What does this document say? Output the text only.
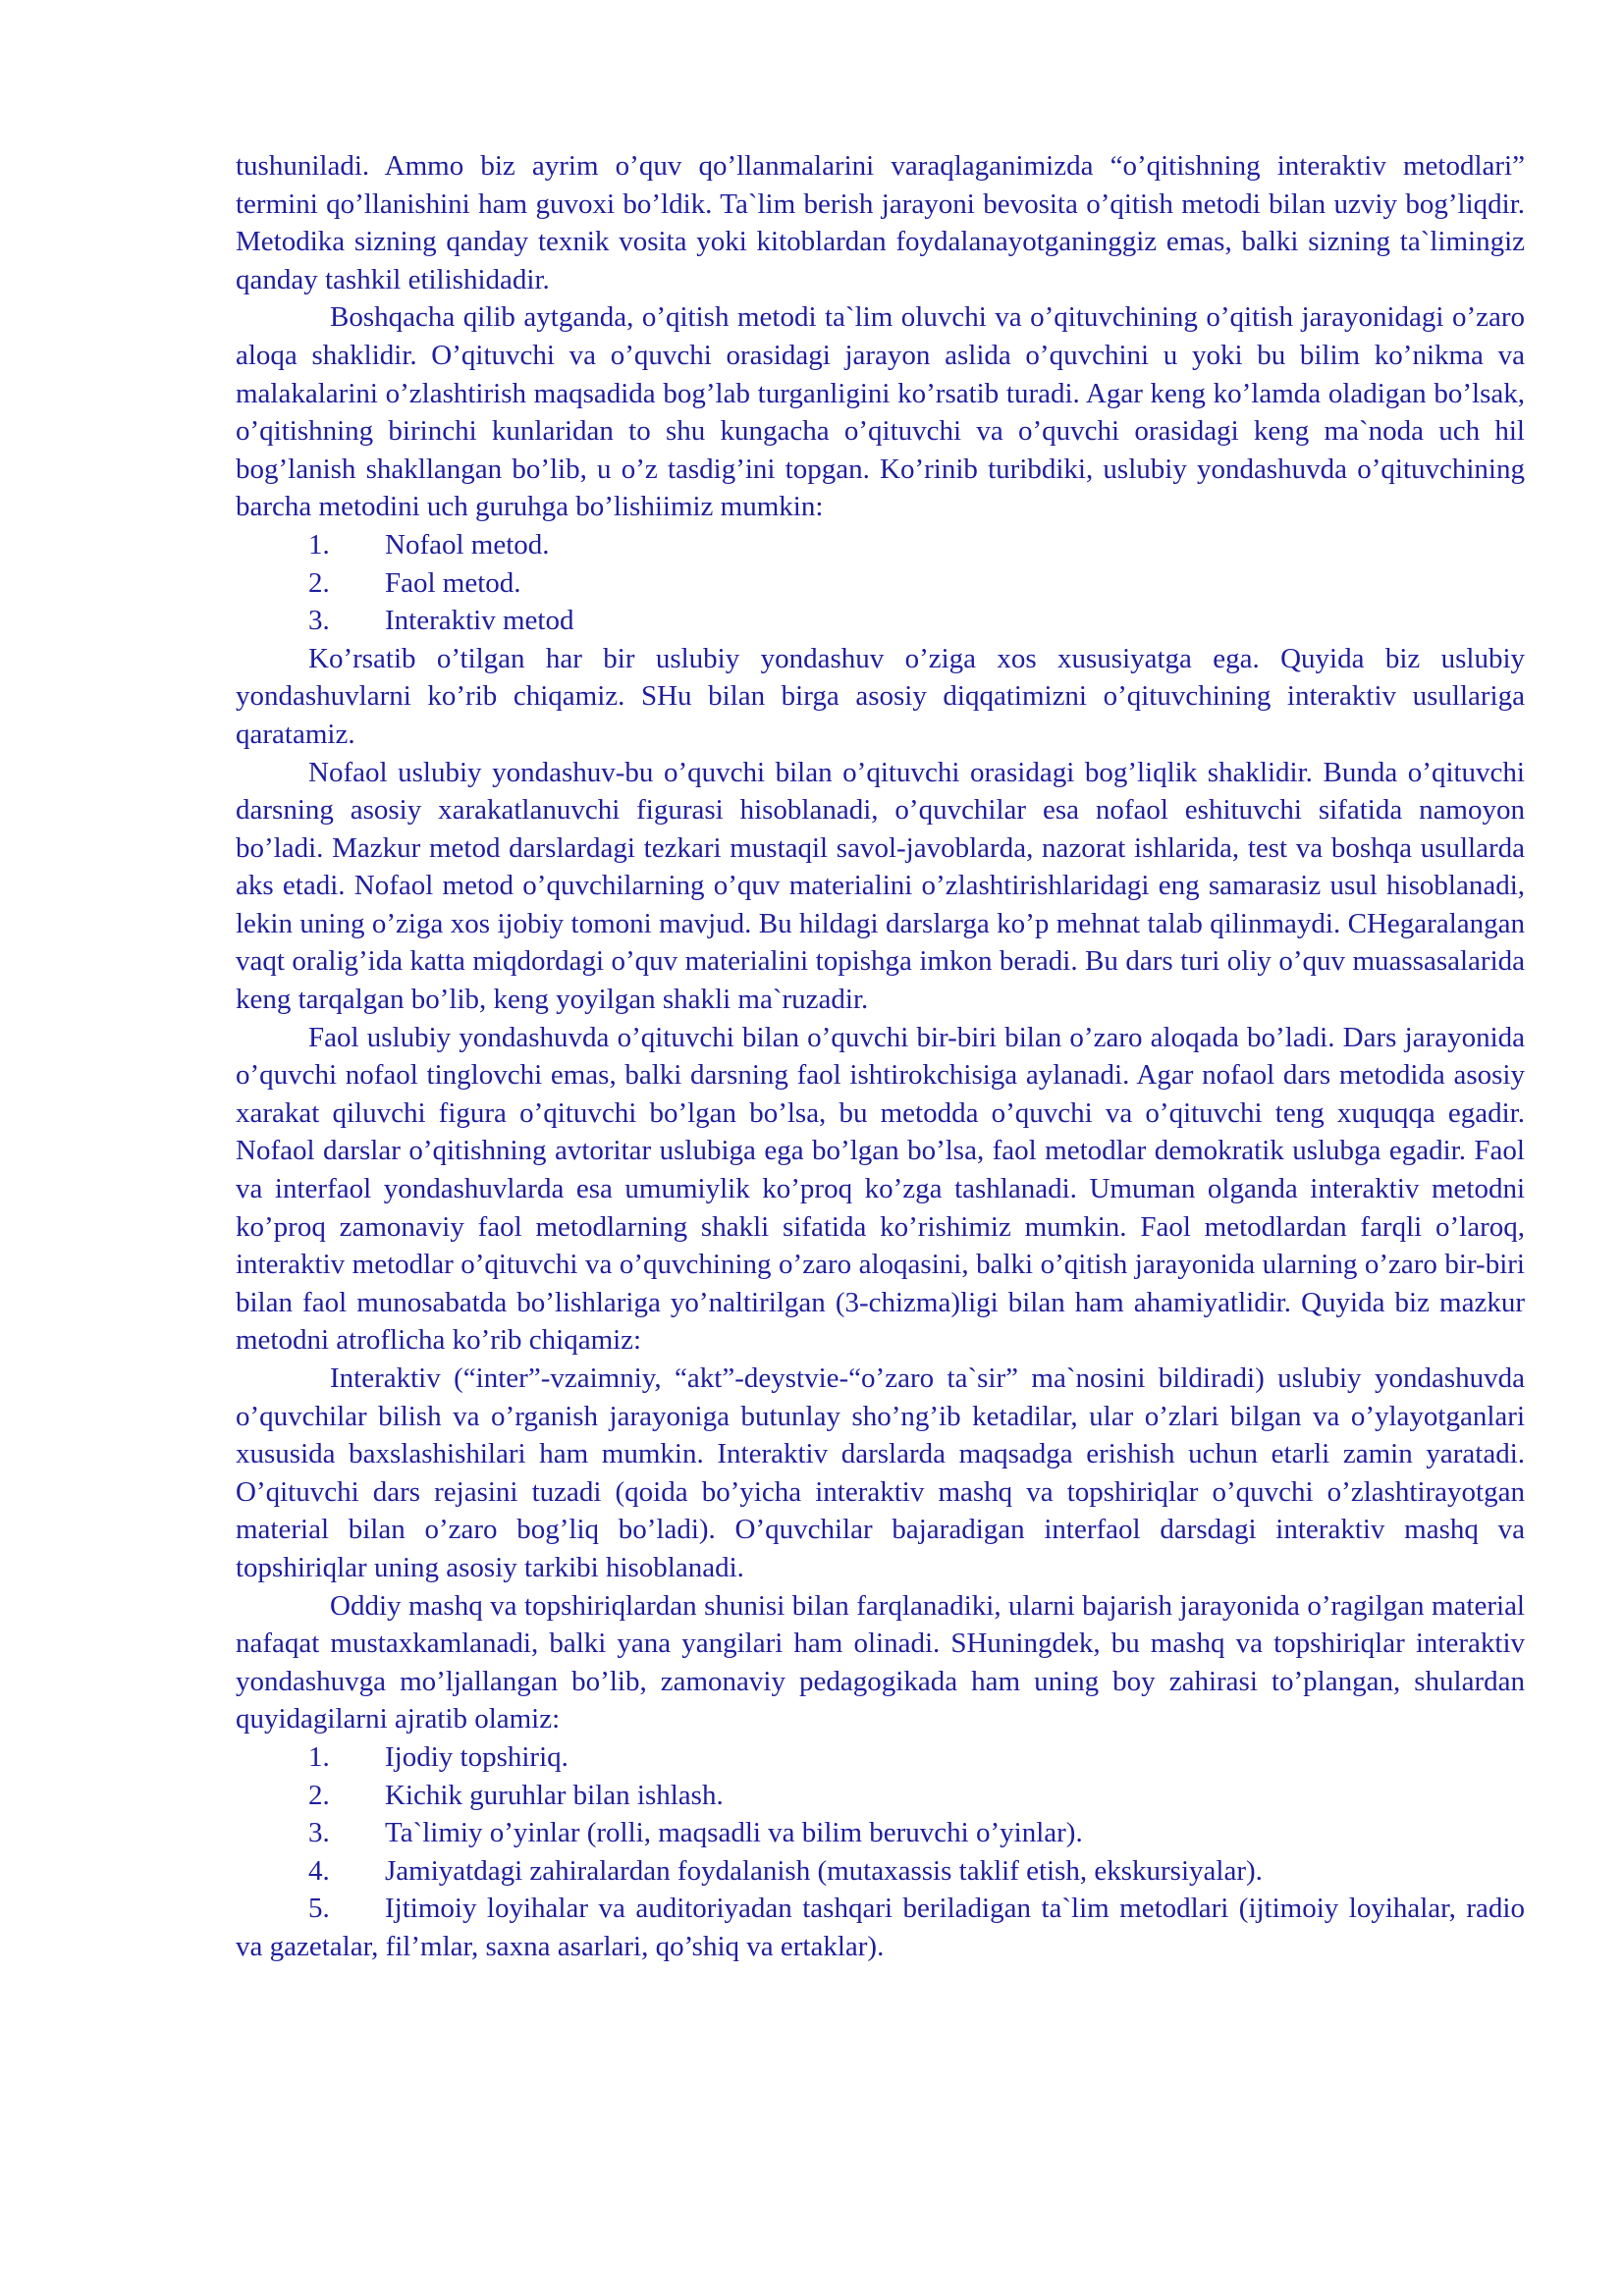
tushuniladi. Ammo biz ayrim o’quv qo’llanmalarini varaqlaganimizda “o’qitishning interaktiv metodlari” termini qo’llanishini ham guvoxi bo’ldik. Ta`lim berish jarayoni bevosita o’qitish metodi bilan uzviy bog’liqdir. Metodika sizning qanday texnik vosita yoki kitoblardan foydalanayotganinggiz emas, balki sizning ta`limingiz qanday tashkil etilishidadir.

Boshqacha qilib aytganda, o’qitish metodi ta`lim oluvchi va o’qituvchining o’qitish jarayonidagi o’zaro aloqa shaklidir. O’qituvchi va o’quvchi orasidagi jarayon aslida o’quvchini u yoki bu bilim ko’nikma va malakalarini o’zlashtirish maqsadida bog’lab turganligini ko’rsatib turadi. Agar keng ko’lamda oladigan bo’lsak, o’qitishning birinchi kunlaridan to shu kungacha o’qituvchi va o’quvchi orasidagi keng ma`noda uch hil bog’lanish shakllangan bo’lib, u o’z tasdig’ini topgan. Ko’rinib turibdiki, uslubiy yondashuvda o’qituvchining barcha metodini uch guruhga bo’lishiimiz mumkin:

1.	Nofaol metod.
2.	Faol metod.
3.	Interaktiv metod

Ko’rsatib o’tilgan har bir uslubiy yondashuv o’ziga xos xususiyatga ega. Quyida biz uslubiy yondashuvlarni ko’rib chiqamiz. SHu bilan birga asosiy diqqatimizni o’qituvchining interaktiv usullariga qaratamiz.

Nofaol uslubiy yondashuv-bu o’quvchi bilan o’qituvchi orasidagi bog’liqlik shaklidir. Bunda o’qituvchi darsning asosiy xarakatlanuvchi figurasi hisoblanadi, o’quvchilar esa nofaol eshituvchi sifatida namoyon bo’ladi. Mazkur metod darslardagi tezkari mustaqil savol-javoblarda, nazorat ishlarida, test va boshqa usullarda aks etadi. Nofaol metod o’quvchilarning o’quv materialini o’zlashtirishlaridagi eng samarasiz usul hisoblanadi, lekin uning o’ziga xos ijobiy tomoni mavjud. Bu hildagi darslarga ko’p mehnat talab qilinmaydi. CHegaralangan vaqt oralig’ida katta miqdordagi o’quv materialini topishga imkon beradi. Bu dars turi oliy o’quv muassasalarida keng tarqalgan bo’lib, keng yoyilgan shakli ma`ruzadir.

Faol uslubiy yondashuvda o’qituvchi bilan o’quvchi bir-biri bilan o’zaro aloqada bo’ladi. Dars jarayonida o’quvchi nofaol tinglovchi emas, balki darsning faol ishtirokchisiga aylanadi. Agar nofaol dars metodida asosiy xarakat qiluvchi figura o’qituvchi bo’lgan bo’lsa, bu metodda o’quvchi va o’qituvchi teng xuquqqa egadir. Nofaol darslar o’qitishning avtoritar uslubiga ega bo’lgan bo’lsa, faol metodlar demokratik uslubga egadir. Faol va interfaol yondashuvlarda esa umumiylik ko’proq ko’zga tashlanadi. Umuman olganda interaktiv metodni ko’proq zamonaviy faol metodlarning shakli sifatida ko’rishimiz mumkin. Faol metodlardan farqli o’laroq, interaktiv metodlar o’qituvchi va o’quvchining o’zaro aloqasini, balki o’qitish jarayonida ularning o’zaro bir-biri bilan faol munosabatda bo’lishlariga yo’naltirilgan (3-chizma)ligi bilan ham ahamiyatlidir. Quyida biz mazkur metodni atroflicha ko’rib chiqamiz:

Interaktiv (“inter”-vzaimniy, “akt”-deystvie-“o’zaro ta`sir” ma`nosini bildiradi) uslubiy yondashuvda o’quvchilar bilish va o’rganish jarayoniga butunlay sho’ng’ib ketadilar, ular o’zlari bilgan va o’ylayotganlari xususida baxslashishilari ham mumkin. Interaktiv darslarda maqsadga erishish uchun etarli zamin yaratadi. O’qituvchi dars rejasini tuzadi (qoida bo’yicha interaktiv mashq va topshiriqlar o’quvchi o’zlashtirayotgan material bilan o’zaro bog’liq bo’ladi). O’quvchilar bajaradigan interfaol darsdagi interaktiv mashq va topshiriqlar uning asosiy tarkibi hisoblanadi.

Oddiy mashq va topshiriqlardan shunisi bilan farqlanadiki, ularni bajarish jarayonida o’ragilgan material nafaqat mustaxkamlanadi, balki yana yangilari ham olinadi. SHuningdek, bu mashq va topshiriqlar interaktiv yondashuvga mo’ljallangan bo’lib, zamonaviy pedagogikada ham uning boy zahirasi to’plangan, shulardan quyidagilarni ajratib olamiz:

1.	Ijodiy topshiriq.
2.	Kichik guruhlar bilan ishlash.
3.	Ta`limiy o’yinlar (rolli, maqsadli va bilim beruvchi o’yinlar).
4.	Jamiyatdagi zahiralardan foydalanish (mutaxassis taklif etish, ekskursiyalar).

5. Ijtimoiy loyihalar va auditoriyadan tashqari beriladigan ta`lim metodlari (ijtimoiy loyihalar, radio va gazetalar, fil’mlar, saxna asarlari, qo’shiq va ertaklar).
